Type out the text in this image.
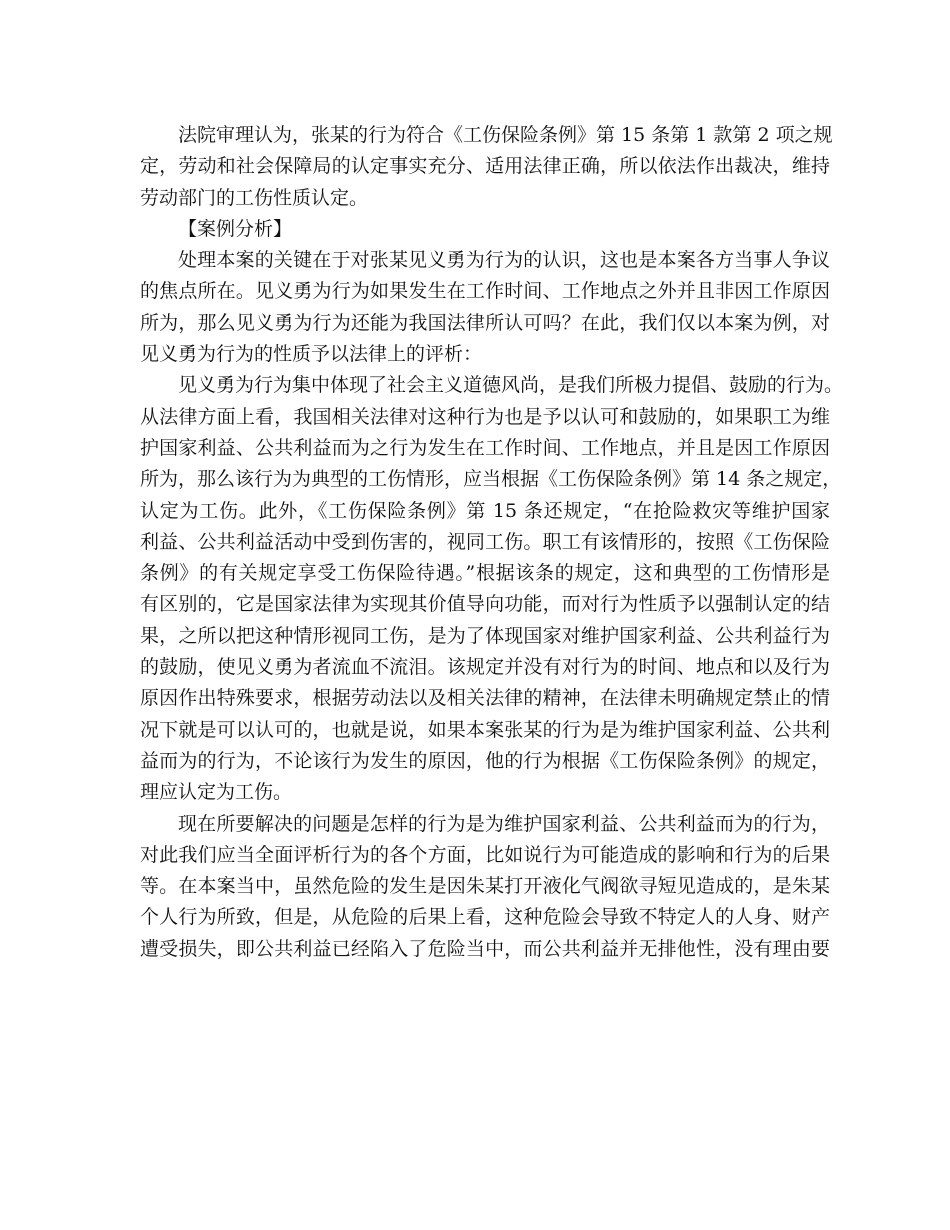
法院审理认为，张某的行为符合《工伤保险条例》第 15 条第 1 款第 2 项之规
定，劳动和社会保障局的认定事实充分、适用法律正确，所以依法作出裁决，维持
劳动部门的工伤性质认定。
【案例分析】
处理本案的关键在于对张某见义勇为行为的认识，这也是本案各方当事人争议
的焦点所在。见义勇为行为如果发生在工作时间、工作地点之外并且非因工作原因
所为，那么见义勇为行为还能为我国法律所认可吗？在此，我们仅以本案为例，对
见义勇为行为的性质予以法律上的评析：
见义勇为行为集中体现了社会主义道德风尚，是我们所极力提倡、鼓励的行为。
从法律方面上看，我国相关法律对这种行为也是予以认可和鼓励的，如果职工为维
护国家利益、公共利益而为之行为发生在工作时间、工作地点，并且是因工作原因
所为，那么该行为为典型的工伤情形，应当根据《工伤保险条例》第 14 条之规定，
认定为工伤。此外，《工伤保险条例》第 15 条还规定，“在抢险救灾等维护国家
利益、公共利益活动中受到伤害的，视同工伤。职工有该情形的，按照《工伤保险
条例》的有关规定享受工伤保险待遇。”根据该条的规定，这和典型的工伤情形是
有区别的，它是国家法律为实现其价值导向功能，而对行为性质予以强制认定的结
果，之所以把这种情形视同工伤，是为了体现国家对维护国家利益、公共利益行为
的鼓励，使见义勇为者流血不流泪。该规定并没有对行为的时间、地点和以及行为
原因作出特殊要求，根据劳动法以及相关法律的精神，在法律未明确规定禁止的情
况下就是可以认可的，也就是说，如果本案张某的行为是为维护国家利益、公共利
益而为的行为，不论该行为发生的原因，他的行为根据《工伤保险条例》的规定，
理应认定为工伤。
现在所要解决的问题是怎样的行为是为维护国家利益、公共利益而为的行为，
对此我们应当全面评析行为的各个方面，比如说行为可能造成的影响和行为的后果
等。在本案当中，虽然危险的发生是因朱某打开液化气阀欲寻短见造成的，是朱某
个人行为所致，但是，从危险的后果上看，这种危险会导致不特定人的人身、财产
遭受损失，即公共利益已经陷入了危险当中，而公共利益并无排他性，没有理由要
